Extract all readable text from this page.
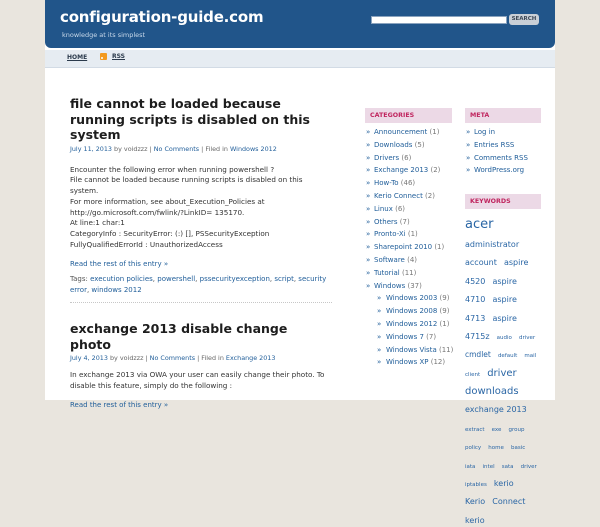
configuration-guide.com
knowledge at its simplest
SEARCH
HOME	RSS
file cannot be loaded because running scripts is disabled on this system
July 11, 2013 by voidzzz | No Comments | Filed in Windows 2012
Encounter the following error when running powershell ?
File cannot be loaded because running scripts is disabled on this system.
For more information, see about_Execution_Policies at
http://go.microsoft.com/fwlink/?LinkID= 135170.
At line:1 char:1
CategoryInfo : SecurityError: (:) [], PSSecurityException
FullyQualifiedErrorId : UnauthorizedAccess
Read the rest of this entry »
Tags: execution policies, powershell, pssecurityexception, script, security error, windows 2012
exchange 2013 disable change photo
July 4, 2013 by voidzzz | No Comments | Filed in Exchange 2013
In exchange 2013 via OWA your user can easily change their photo. To
disable this feature, simply do the following :
Read the rest of this entry »
CATEGORIES
» Announcement (1)
» Downloads (5)
» Drivers (6)
» Exchange 2013 (2)
» How-To (46)
» Kerio Connect (2)
» Linux (6)
» Others (7)
» Pronto-Xi (1)
» Sharepoint 2010 (1)
» Software (4)
» Tutorial (11)
» Windows (37)
» Windows 2003 (9)
» Windows 2008 (9)
» Windows 2012 (1)
» Windows 7 (7)
» Windows Vista (11)
» Windows XP (12)
META
» Log in
» Entries RSS
» Comments RSS
» WordPress.org
KEYWORDS
acer administrator account aspire 4520 aspire 4710 aspire 4713 aspire 4715z audio driver cmdlet default mail client driver downloads exchange 2013 extract exe group policy home basic iata intel sata driver iptables kerio Kerio Connect kerio
